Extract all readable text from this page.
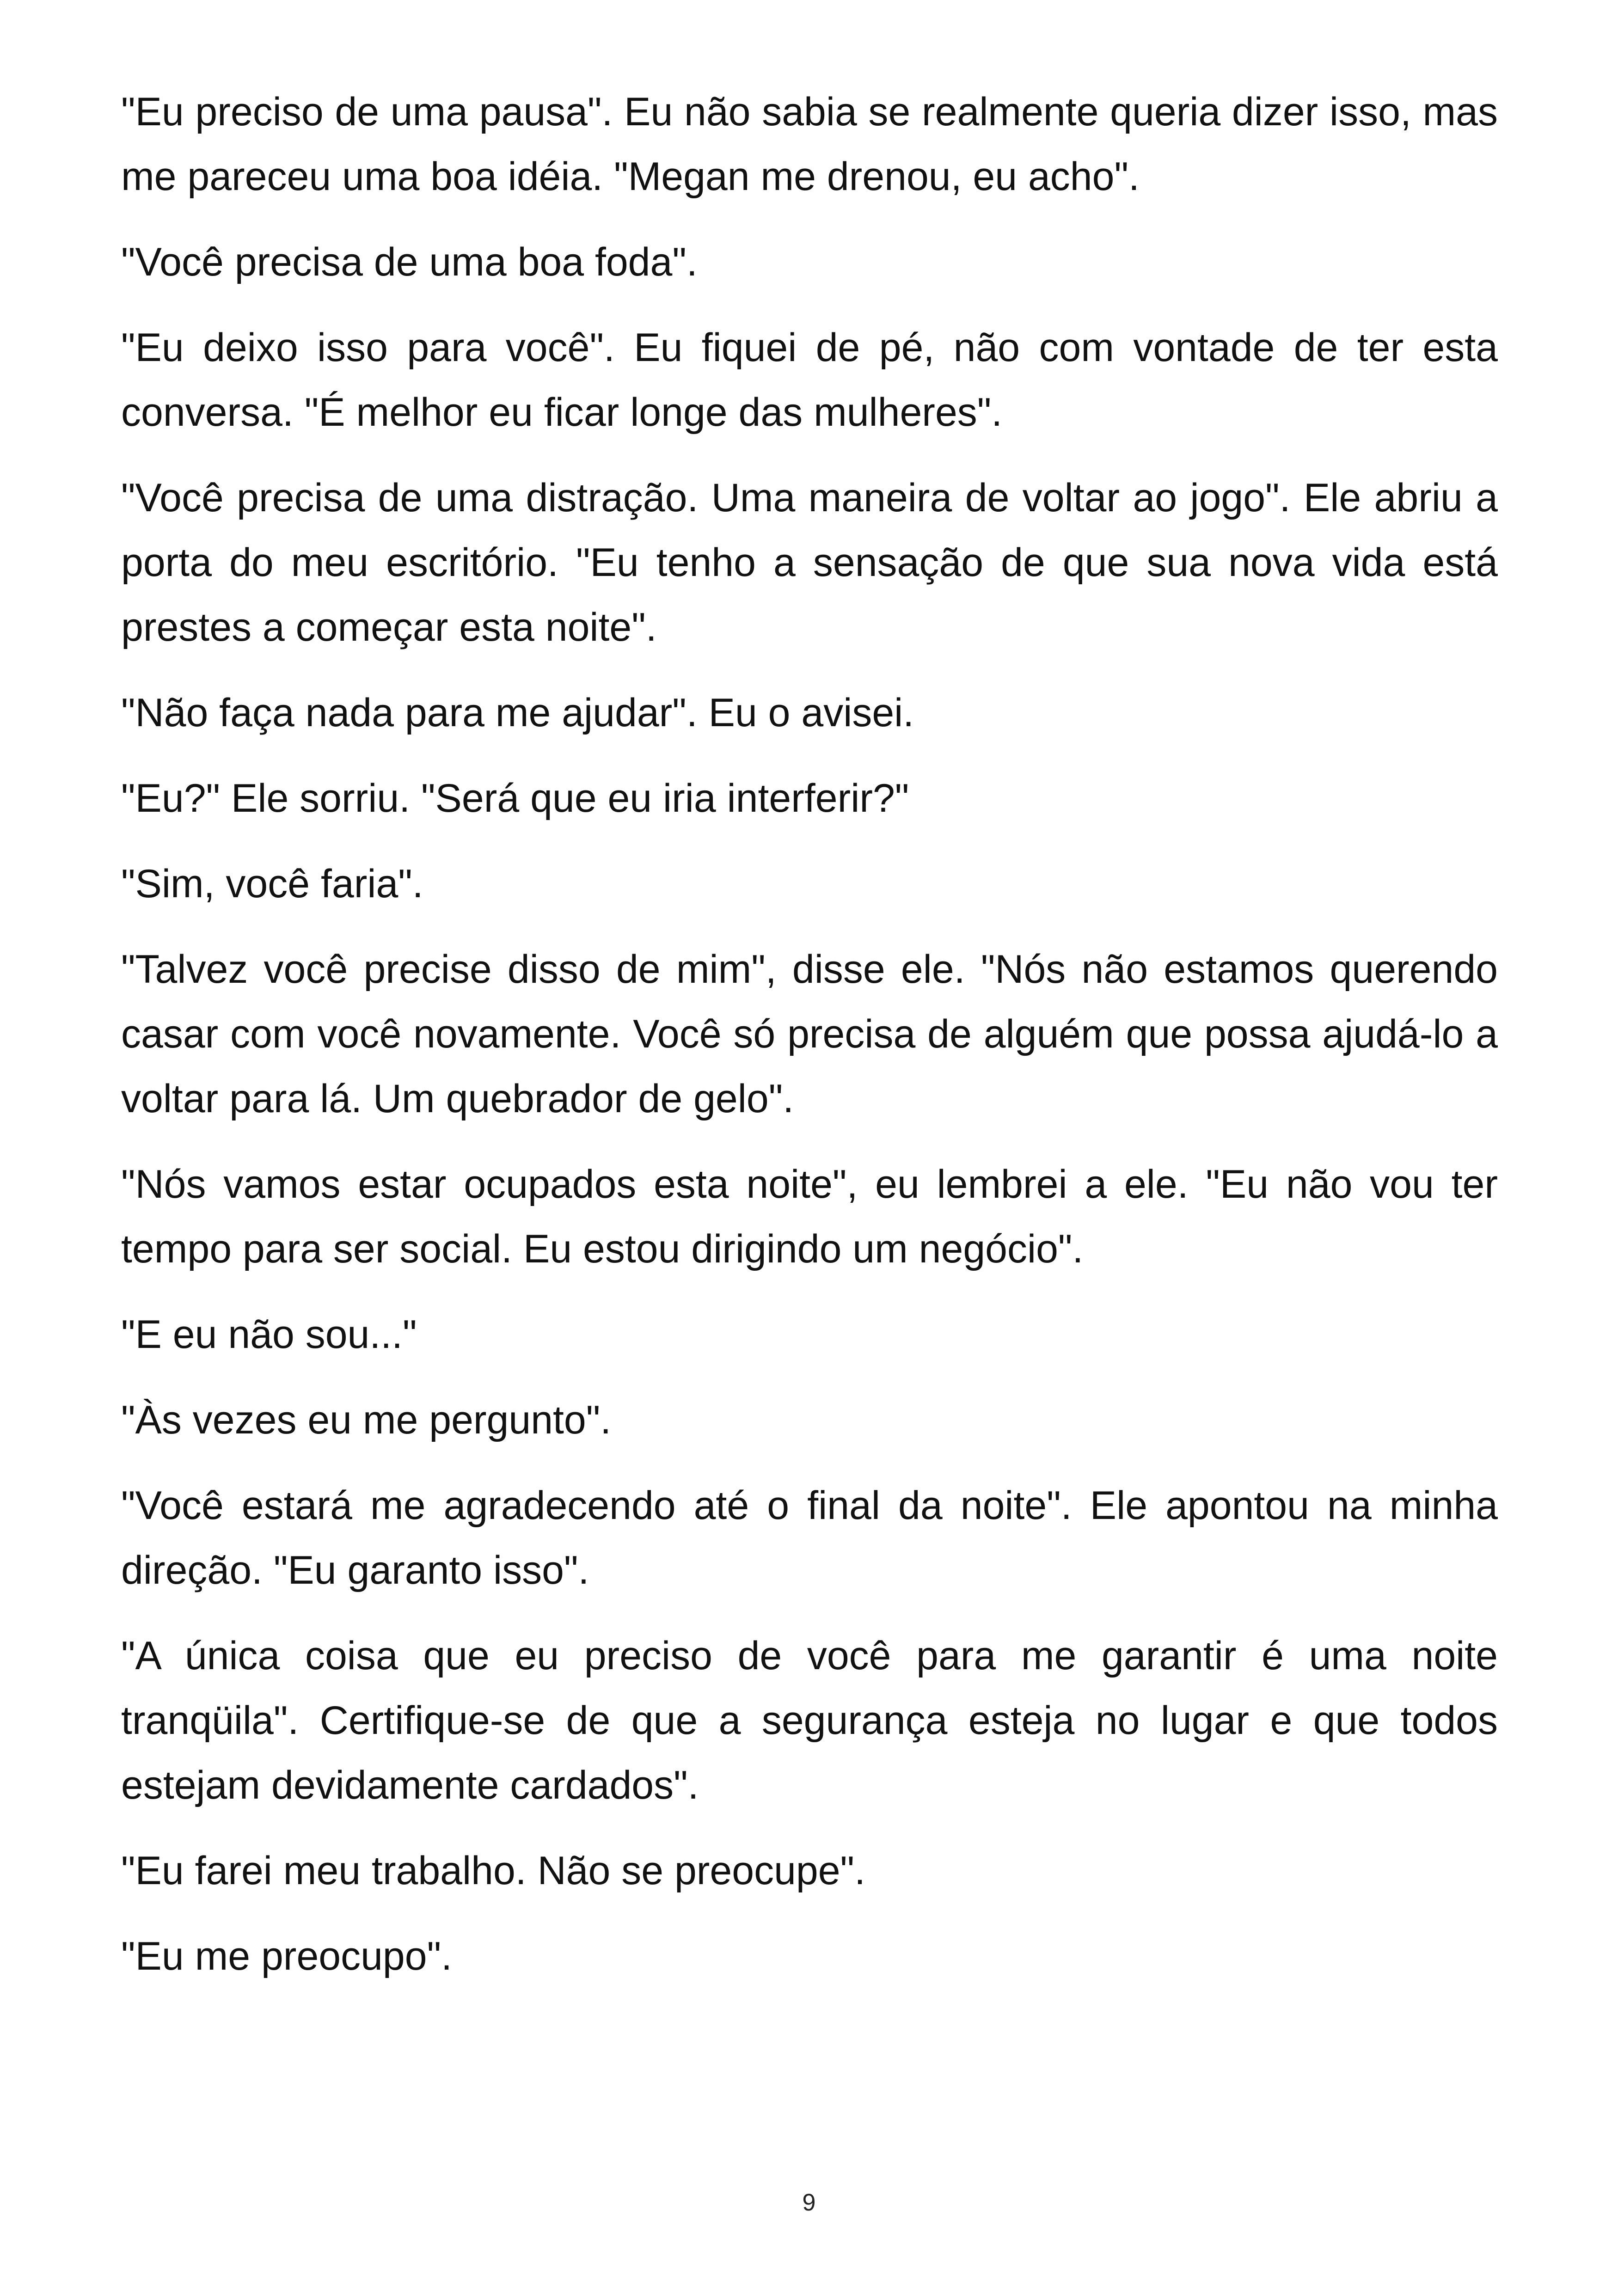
"Eu preciso de uma pausa". Eu não sabia se realmente queria dizer isso, mas me pareceu uma boa idéia. "Megan me drenou, eu acho".

"Você precisa de uma boa foda".

"Eu deixo isso para você". Eu fiquei de pé, não com vontade de ter esta conversa. "É melhor eu ficar longe das mulheres".

"Você precisa de uma distração. Uma maneira de voltar ao jogo". Ele abriu a porta do meu escritório. "Eu tenho a sensação de que sua nova vida está prestes a começar esta noite".

"Não faça nada para me ajudar". Eu o avisei.

"Eu?" Ele sorriu. "Será que eu iria interferir?"

"Sim, você faria".

"Talvez você precise disso de mim", disse ele. "Nós não estamos querendo casar com você novamente. Você só precisa de alguém que possa ajudá-lo a voltar para lá. Um quebrador de gelo".

"Nós vamos estar ocupados esta noite", eu lembrei a ele. "Eu não vou ter tempo para ser social. Eu estou dirigindo um negócio".

"E eu não sou..."

"Às vezes eu me pergunto".

"Você estará me agradecendo até o final da noite". Ele apontou na minha direção. "Eu garanto isso".

"A única coisa que eu preciso de você para me garantir é uma noite tranqüila". Certifique-se de que a segurança esteja no lugar e que todos estejam devidamente cardados".

"Eu farei meu trabalho. Não se preocupe".

"Eu me preocupo".

9
